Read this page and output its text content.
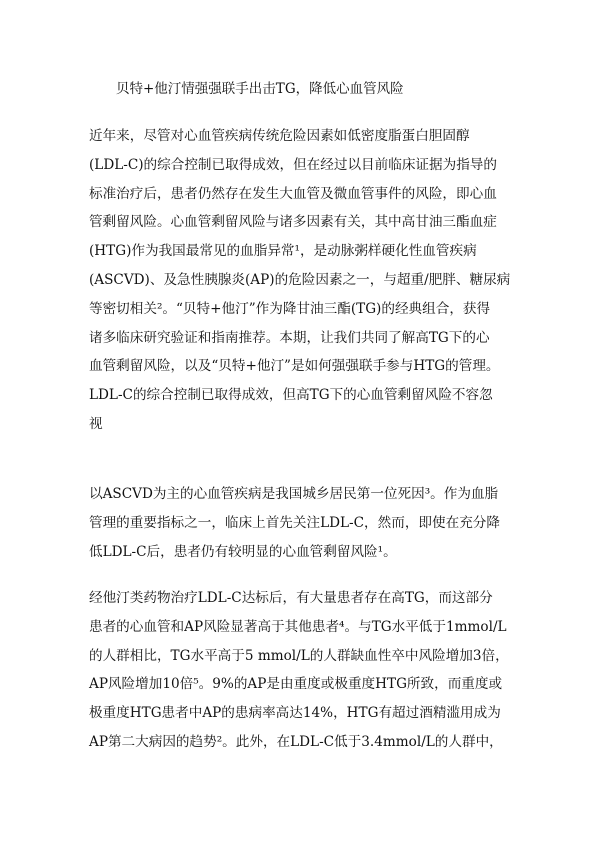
贝特+他汀情强强联手出击TG，降低心血管风险
近年来，尽管对心血管疾病传统危险因素如低密度脂蛋白胆固醇
(LDL-C)的综合控制已取得成效，但在经过以目前临床证据为指导的
标准治疗后，患者仍然存在发生大血管及微血管事件的风险，即心血
管剩留风险。心血管剩留风险与诸多因素有关，其中高甘油三酯血症
(HTG)作为我国最常见的血脂异常¹，是动脉粥样硬化性血管疾病
(ASCVD)、及急性胰腺炎(AP)的危险因素之一，与超重/肥胖、糖尿病
等密切相关²。“贝特+他汀”作为降甘油三酯(TG)的经典组合，获得
诸多临床研究验证和指南推荐。本期，让我们共同了解高TG下的心
血管剩留风险，以及“贝特+他汀”是如何强强联手参与HTG的管理。
LDL-C的综合控制已取得成效，但高TG下的心血管剩留风险不容忽
视
以ASCVD为主的心血管疾病是我国城乡居民第一位死因³。作为血脂
管理的重要指标之一，临床上首先关注LDL-C，然而，即使在充分降
低LDL-C后，患者仍有较明显的心血管剩留风险¹。
经他汀类药物治疗LDL-C达标后，有大量患者存在高TG，而这部分
患者的心血管和AP风险显著高于其他患者⁴。与TG水平低于1mmol/L
的人群相比，TG水平高于5 mmol/L的人群缺血性卒中风险增加3倍，
AP风险增加10倍⁵。9%的AP是由重度或极重度HTG所致，而重度或
极重度HTG患者中AP的患病率高达14%，HTG有超过酒精滥用成为
AP第二大病因的趋势²。此外，在LDL-C低于3.4mmol/L的人群中，
